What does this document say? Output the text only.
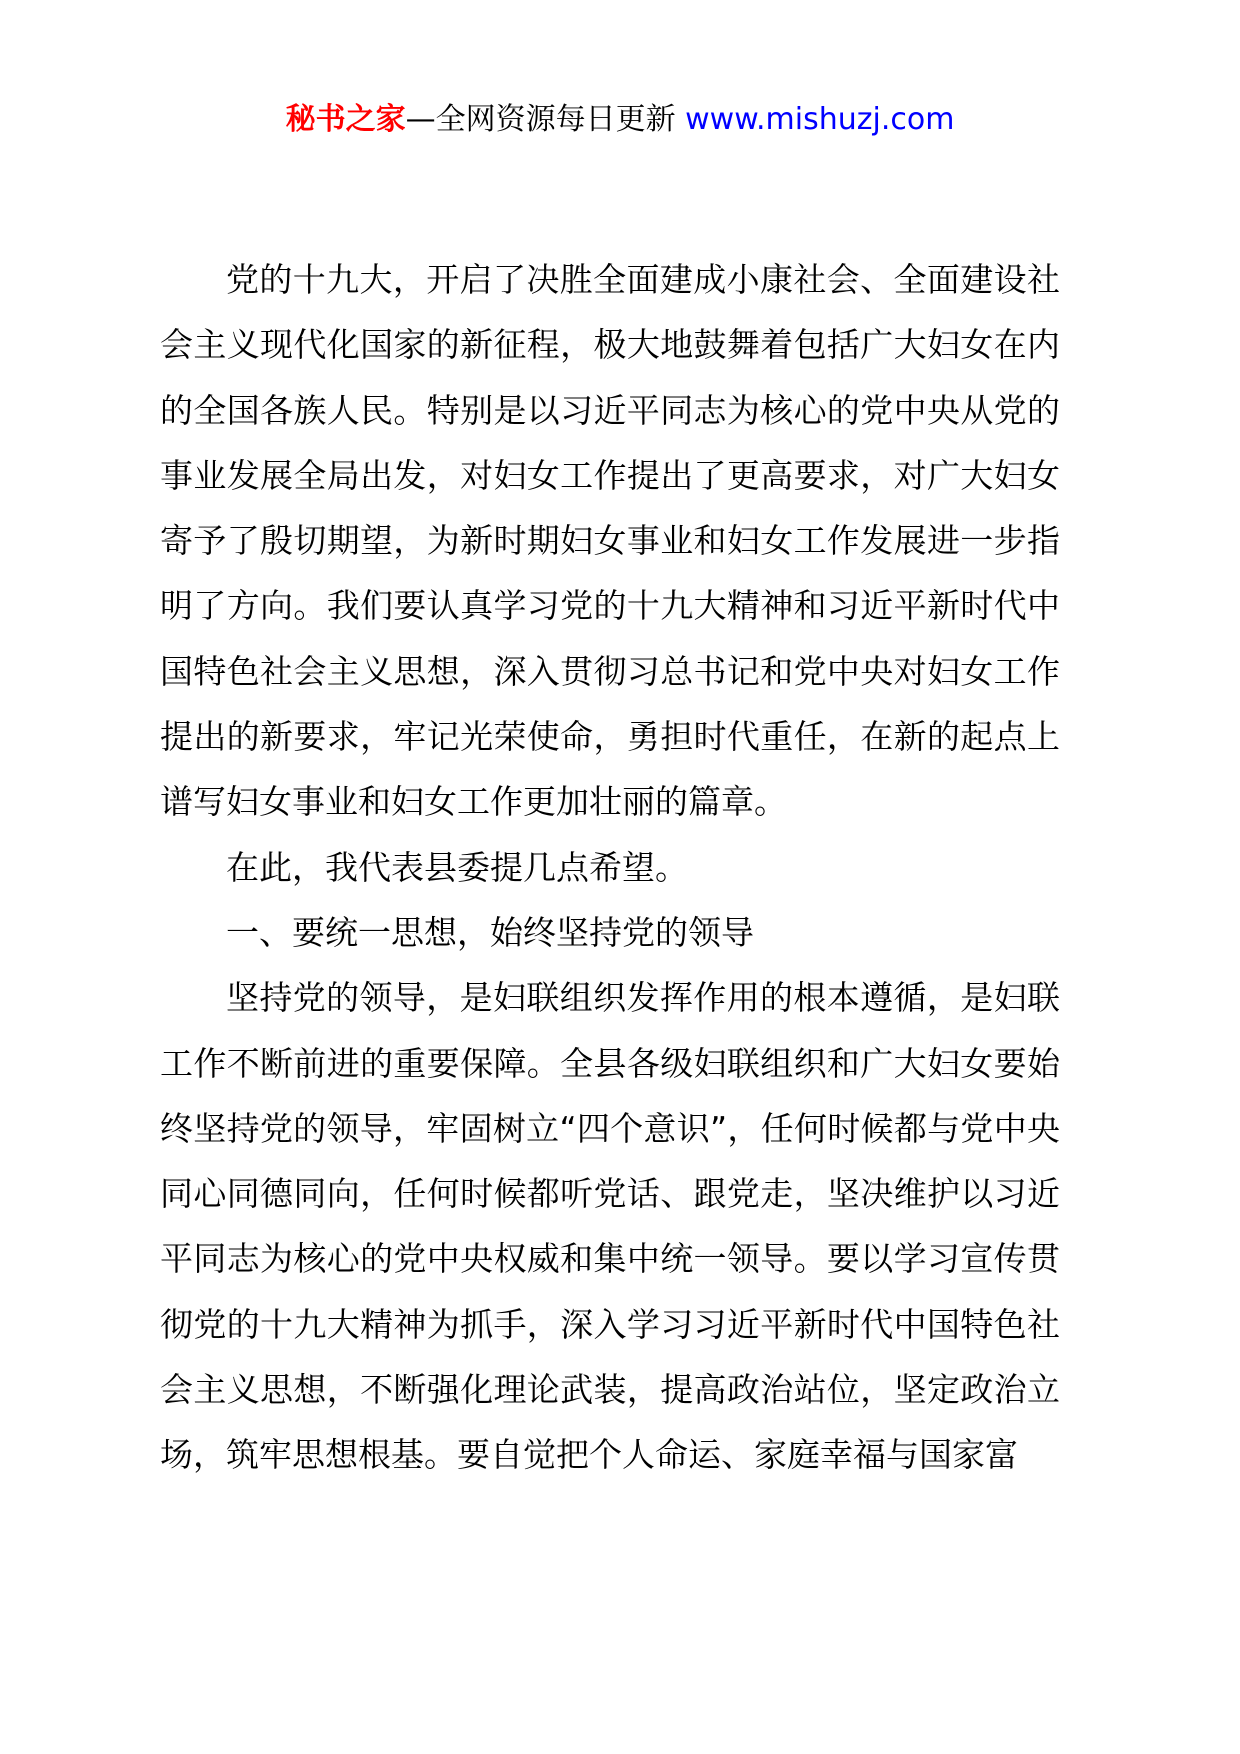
秘书之家—全网资源每日更新 www.mishuzj.com

党的十九大，开启了决胜全面建成小康社会、全面建设社会主义现代化国家的新征程，极大地鼓舞着包括广大妇女在内的全国各族人民。特别是以习近平同志为核心的党中央从党的事业发展全局出发，对妇女工作提出了更高要求，对广大妇女寄予了殷切期望，为新时期妇女事业和妇女工作发展进一步指明了方向。我们要认真学习党的十九大精神和习近平新时代中国特色社会主义思想，深入贯彻习总书记和党中央对妇女工作提出的新要求，牢记光荣使命，勇担时代重任，在新的起点上谱写妇女事业和妇女工作更加壮丽的篇章。

在此，我代表县委提几点希望。

一、要统一思想，始终坚持党的领导

坚持党的领导，是妇联组织发挥作用的根本遵循，是妇联工作不断前进的重要保障。全县各级妇联组织和广大妇女要始终坚持党的领导，牢固树立“四个意识”，任何时候都与党中央同心同德同向，任何时候都听党话、跟党走，坚决维护以习近平同志为核心的党中央权威和集中统一领导。要以学习宣传贯彻党的十九大精神为抓手，深入学习习近平新时代中国特色社会主义思想，不断强化理论武装，提高政治站位，坚定政治立场，筑牢思想根基。要自觉把个人命运、家庭幸福与国家富
